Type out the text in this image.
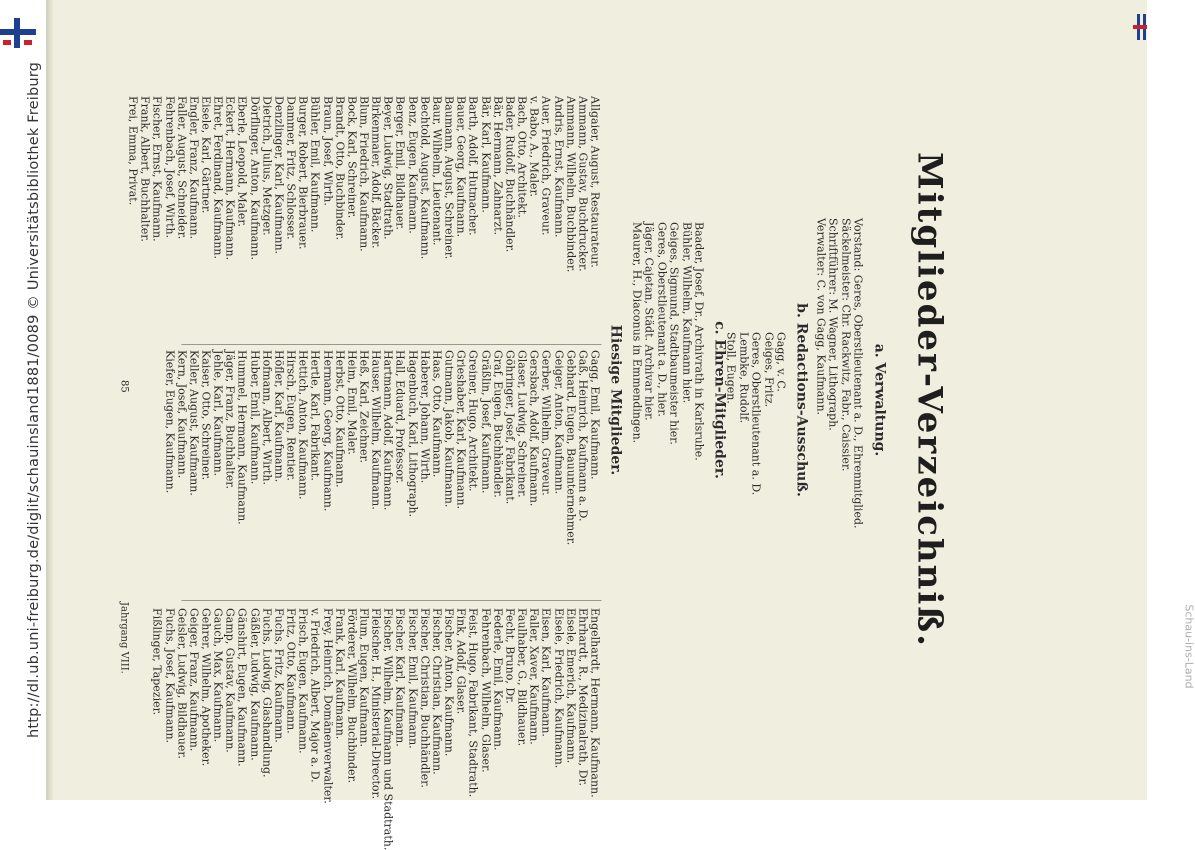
http://dl.ub.uni-freiburg.de/diglit/schauinsland1881/0089 © Universitätsbibliothek Freiburg	Schau-ins-Land
Mitglieder-Verzeichniß.
a. Verwaltung.
Vorstand: Geres, Oberstlieutenant a. D., Ehrenmitglied.
Säckelmeister: Chr. Rackwitz, Fabr., Caissier.
Schriftführer: M. Wagner, Lithograph.
Verwalter: C. von Gagg, Kaufmann.
b. Redactions-Ausschuß.
Gagg, v. C.
Geiges, Fritz.
Geres, Oberstlieutenant a. D.
Lembke, Rudolf.
Stoll, Eugen.
c. Ehren-Mitglieder.
Baader, Josef, Dr., Archivrath in Karlsruhe.
Bühler, Wilhelm, Kaufmann hier.
Geiges, Sigmund, Stadtbaumeister hier.
Geres, Oberstlieutenant a. D., hier.
Jäger, Cajetan, Städt. Archivar hier.
Maurer, H., Diaconus in Emmendingen.
Hiesige Mitglieder.
Allgaier, August, Restaurateur.
Ammann, Gustav, Buchdrucker.
Ammann, Wilhelm, Buchbinder.
Andris, Ernst, Kaufmann.
Auer, Friedrich, Graveur.
v. Babo, A., Maler.
Bach, Otto, Architekt.
Bader, Rudolf, Buchhändler.
Bär, Hermann, Zahnarzt.
Bär, Karl, Kaufmann.
Barth, Adolf, Hutmacher.
Bauer, Georg, Kaufmann.
Baumann, August, Schreiner.
Baur, Wilhelm, Lieutenant.
Bechtold, August, Kaufmann.
Benz, Eugen, Kaufmann.
Berger, Emil, Bildhauer.
Beyer, Ludwig, Stadtrath.
Birkenmaier, Adolf, Bäcker.
Blum, Friedrich, Kaufmann.
Bock, Karl, Schreiner.
Brandt, Otto, Buchbinder.
Braun, Josef, Wirth.
Bühler, Emil, Kaufmann.
Burger, Robert, Bierbrauer.
Dammer, Fritz, Schlosser.
Denzlinger, Karl, Kaufmann.
Dietrich, Julius, Metzger.
Dörflinger, Anton, Kaufmann.
Eberle, Leopold, Maler.
Eckert, Hermann, Kaufmann.
Ehret, Ferdinand, Kaufmann.
Eisele, Karl, Gärtner.
Engler, Franz, Kaufmann.
Faller, August, Schneider.
Fehrenbach, Josef, Wirth.
Fischer, Ernst, Kaufmann.
Frank, Albert, Buchhalter.
Frei, Emma, Privat.
Gagg, Emil, Kaufmann.
Gaß, Heinrich, Kaufmann a. D.
Gebhard, Eugen, Bauunternehmer.
Geiger, Anton, Kaufmann.
Gerber, Wilhelm, Graveur.
Gersbach, Adolf, Kaufmann.
Glaser, Ludwig, Schreiner.
Göhringer, Josef, Fabrikant.
Graf, Eugen, Buchhändler.
Gräßlin, Josef, Kaufmann.
Greiner, Hugo, Architekt.
Grieshaber, Karl, Kaufmann.
Gutmann, Jakob, Kaufmann.
Haas, Otto, Kaufmann.
Haberer, Johann, Wirth.
Hagenbuch, Karl, Lithograph.
Hall, Eduard, Professor.
Hartmann, Adolf, Kaufmann.
Hauser, Wilhelm, Kaufmann.
Heß, Karl, Zeichner.
Heim, Emil, Maler.
Herbst, Otto, Kaufmann.
Hermann, Georg, Kaufmann.
Hertle, Karl, Fabrikant.
Hettich, Anton, Kaufmann.
Hirsch, Eugen, Rentier.
Höfler, Karl, Kaufmann.
Hofmann, Albert, Wirth.
Huber, Emil, Kaufmann.
Hummel, Hermann, Kaufmann.
Jäger, Franz, Buchhalter.
Jehle, Karl, Kaufmann.
Kaiser, Otto, Schreiner.
Keller, August, Kaufmann.
Kern, Josef, Kaufmann.
Kiefer, Eugen, Kaufmann.
Engelhardt, Hermann, Kaufmann.
Ehrhardt, R., Medizinalrath, Dr.
Eisele, Emerich, Kaufmann.
Eisele, Friedrich, Kaufmann.
Eisen, Karl, Kaufmann.
Faller, Xaver, Kaufmann.
Faulhaber, G., Bildhauer.
Fecht, Bruno, Dr.
Federle, Emil, Kaufmann.
Fehrenbach, Wilhelm, Glaser.
Feist, Hugo, Fabrikant, Stadtrath.
Fink, Adolf, Glaser.
Fischer, Anton, Kaufmann.
Fischer, Christian, Kaufmann.
Fischer, Christian, Buchhändler.
Fischer, Emil, Kaufmann.
Fischer, Karl, Kaufmann.
Fischer, Wilhelm, Kaufmann und Stadtrath.
Fleischer, H., Ministerial-Director.
Flum, Eugen, Kaufmann.
Förderer, Wilhelm, Buchbinder.
Frank, Karl, Kaufmann.
Frey, Heinrich, Domänenverwalter.
v. Friedrich, Albert, Major a. D.
Frisch, Eugen, Kaufmann.
Fritz, Otto, Kaufmann.
Fuchs, Fritz, Kaufmann.
Fuchs, Ludwig, Glashandlung.
Gäßler, Ludwig, Kaufmann.
Gänshirt, Eugen, Kaufmann.
Gamp, Gustav, Kaufmann.
Gauch, Max, Kaufmann.
Gehrer, Wilhelm, Apotheker.
Geiger, Franz, Kaufmann.
Geisler, Ludwig, Bildhauer.
Fuchs, Josef, Kaufmann.
Fißlinger, Tapezier.
85
Jahrgang VIII.
